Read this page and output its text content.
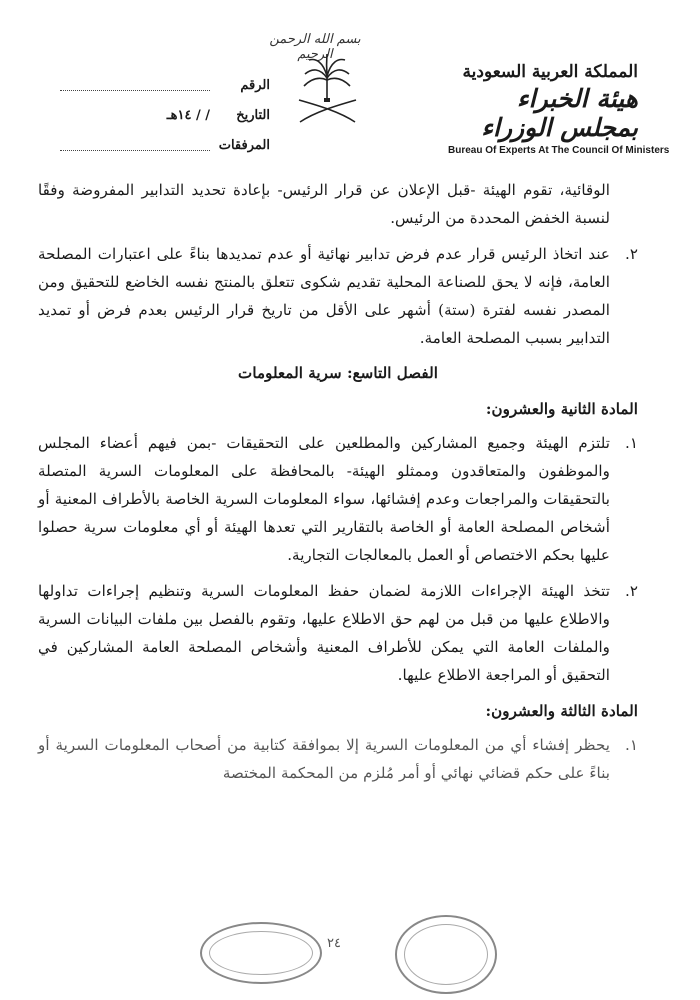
بسم الله الرحمن الرحيم
الرقم
التاريخ
/ / ١٤هـ
المرفقات
المملكة العربية السعودية
هيئة الخبراء بمجلس الوزراء
Bureau Of Experts At The Council Of Ministers

الوقائية، تقوم الهيئة -قبل الإعلان عن قرار الرئيس- بإعادة تحديد التدابير المفروضة وفقًا لنسبة الخفض المحددة من الرئيس.

٢.
عند اتخاذ الرئيس قرار عدم فرض تدابير نهائية أو عدم تمديدها بناءً على اعتبارات المصلحة العامة، فإنه لا يحق للصناعة المحلية تقديم شكوى تتعلق بالمنتج نفسه الخاضع للتحقيق ومن المصدر نفسه لفترة (ستة) أشهر على الأقل من تاريخ قرار الرئيس بعدم فرض أو تمديد التدابير بسبب المصلحة العامة.
الفصل التاسع: سرية المعلومات
المادة الثانية والعشرون:
١.
تلتزم الهيئة وجميع المشاركين والمطلعين على التحقيقات -بمن فيهم أعضاء المجلس والموظفون والمتعاقدون وممثلو الهيئة- بالمحافظة على المعلومات السرية المتصلة بالتحقيقات والمراجعات وعدم إفشائها، سواء المعلومات السرية الخاصة بالأطراف المعنية أو أشخاص المصلحة العامة أو الخاصة بالتقارير التي تعدها الهيئة أو أي معلومات سرية حصلوا عليها بحكم الاختصاص أو العمل بالمعالجات التجارية.
٢.
تتخذ الهيئة الإجراءات اللازمة لضمان حفظ المعلومات السرية وتنظيم إجراءات تداولها والاطلاع عليها من قبل من لهم حق الاطلاع عليها، وتقوم بالفصل بين ملفات البيانات السرية والملفات العامة التي يمكن للأطراف المعنية وأشخاص المصلحة العامة المشاركين في التحقيق أو المراجعة الاطلاع عليها.
المادة الثالثة والعشرون:
١.
يحظر إفشاء أي من المعلومات السرية إلا بموافقة كتابية من أصحاب المعلومات السرية أو بناءً على حكم قضائي نهائي أو أمر مُلزم من المحكمة المختصة
٢٤
